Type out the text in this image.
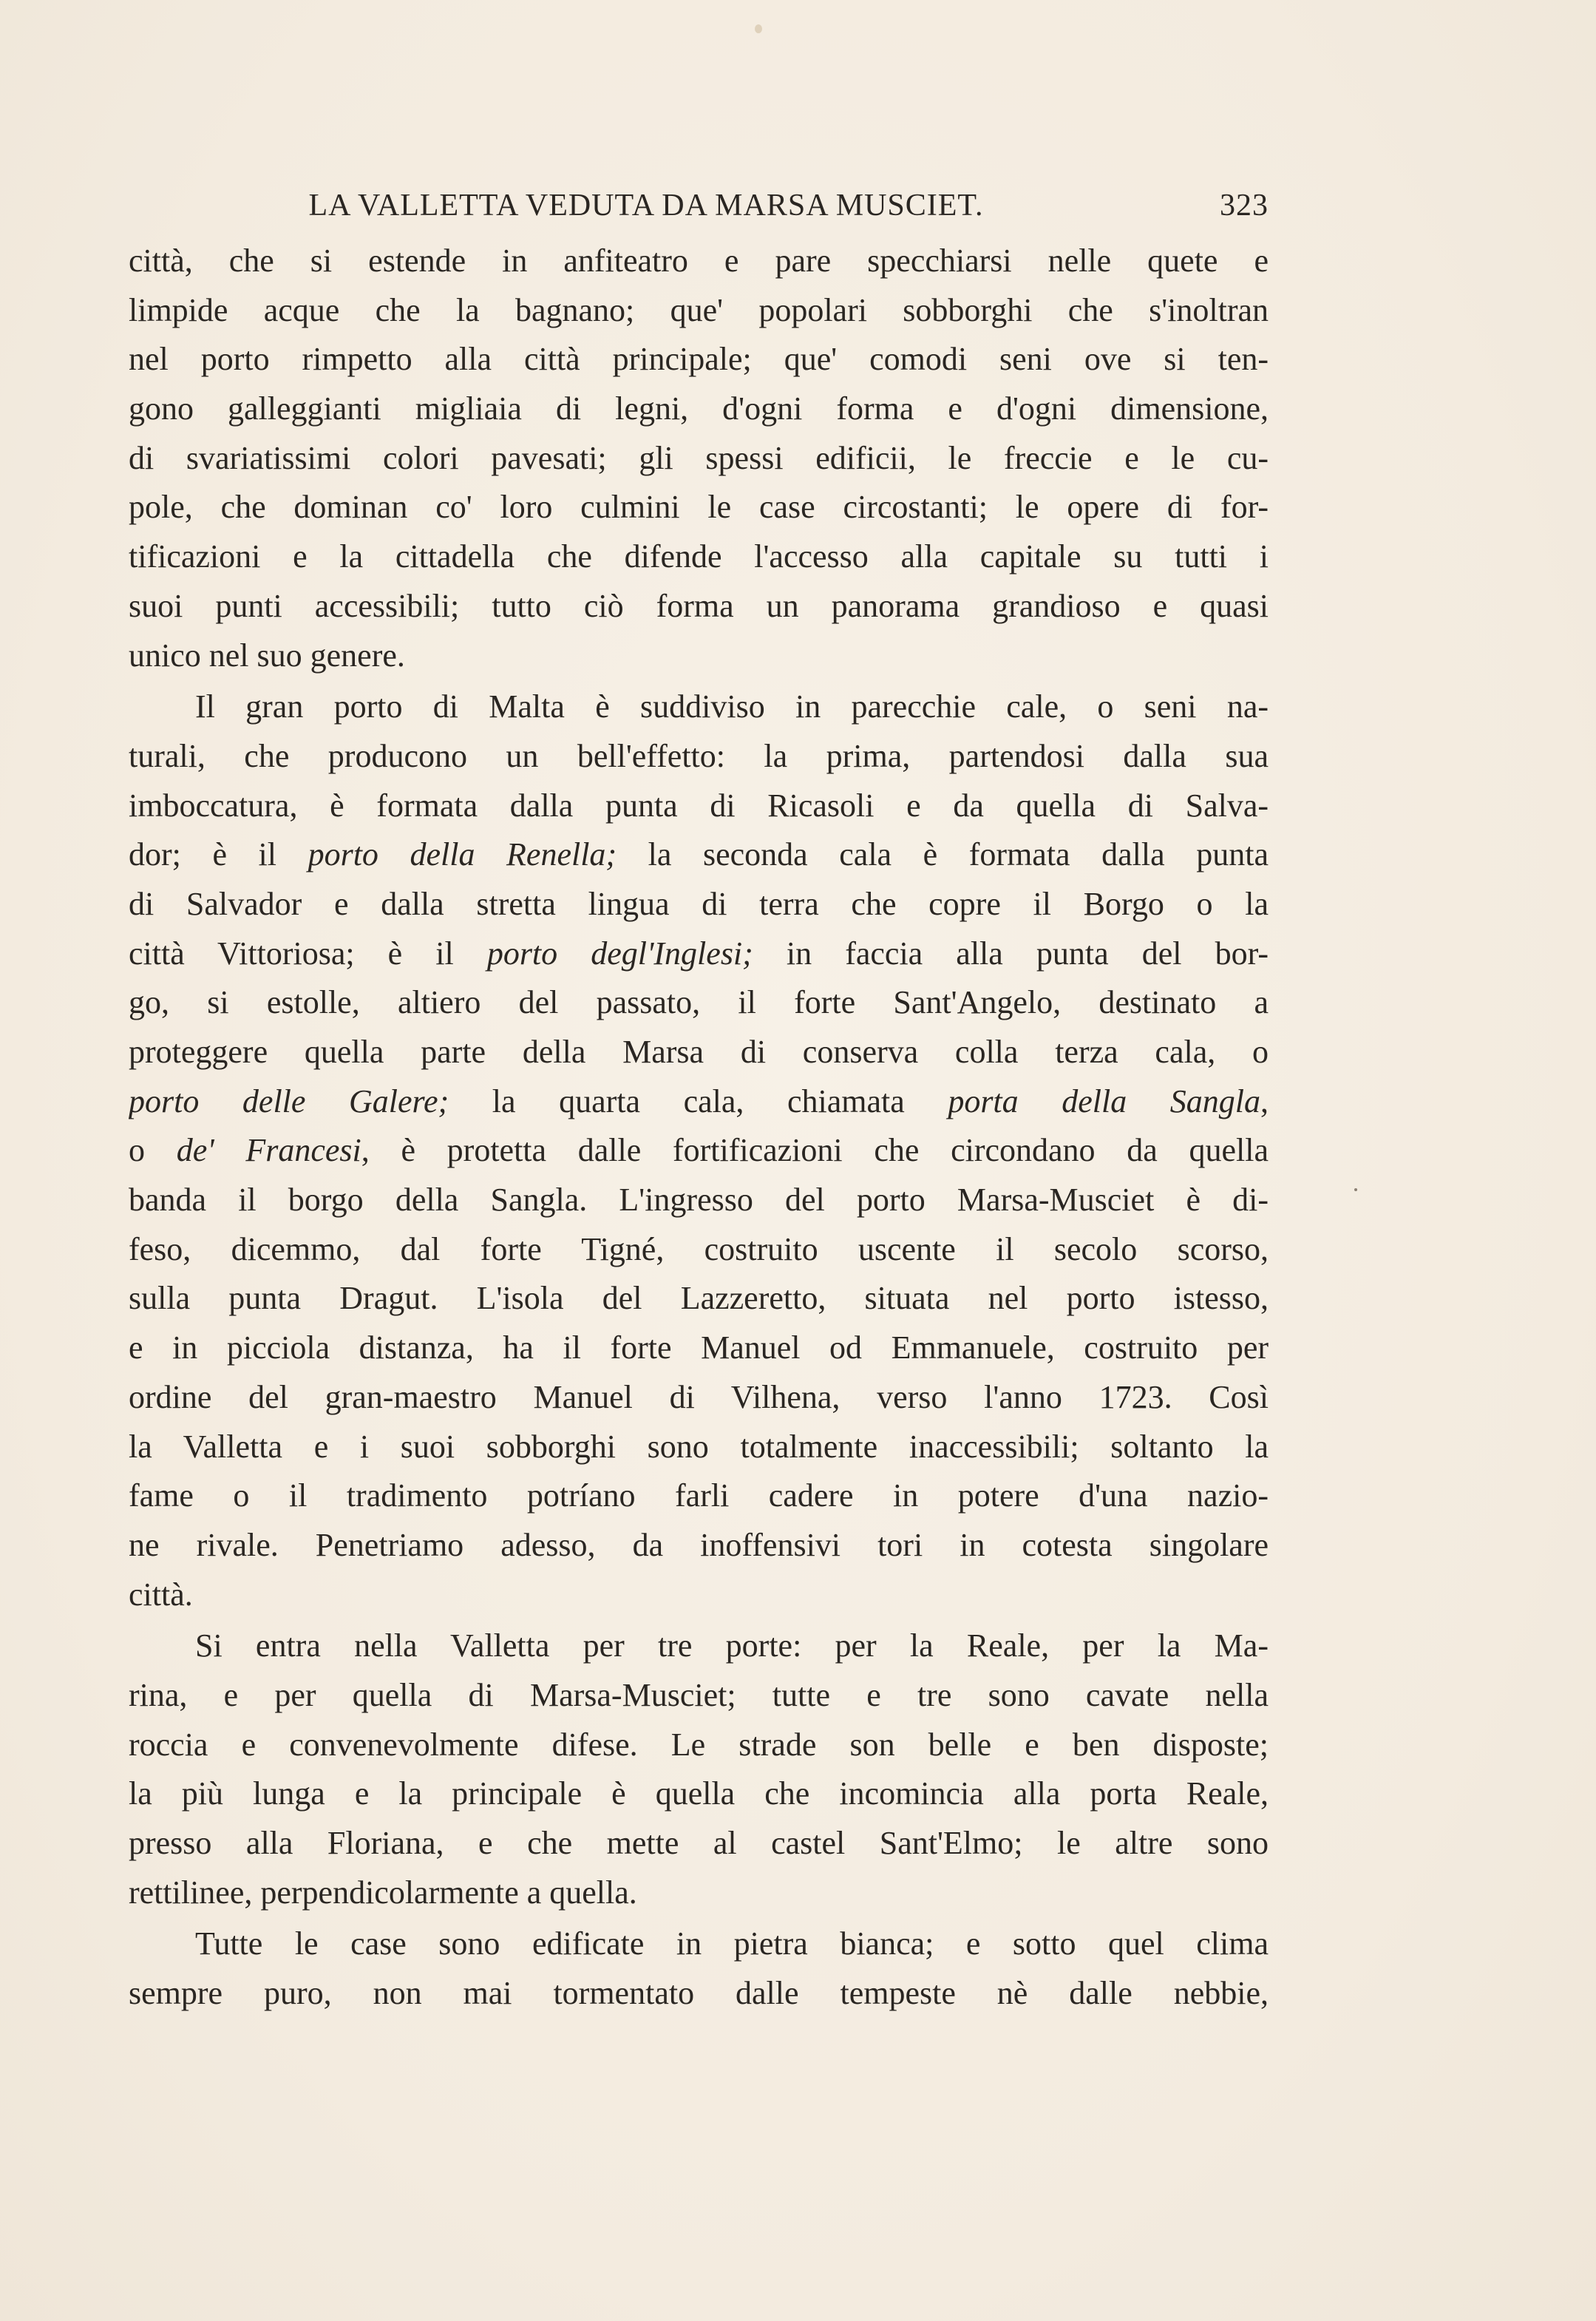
LA VALLETTA VEDUTA DA MARSA MUSCIET.	323
città, che si estende in anfiteatro e pare specchiarsi nelle quete e
limpide acque che la bagnano; que' popolari sobborghi che s'inoltran
nel porto rimpetto alla città principale; que' comodi seni ove si ten-
gono galleggianti migliaia di legni, d'ogni forma e d'ogni dimensione,
di svariatissimi colori pavesati; gli spessi edificii, le freccie e le cu-
pole, che dominan co' loro culmini le case circostanti; le opere di for-
tificazioni e la cittadella che difende l'accesso alla capitale su tutti i
suoi punti accessibili; tutto ciò forma un panorama grandioso e quasi
unico nel suo genere.
Il gran porto di Malta è suddiviso in parecchie cale, o seni na-
turali, che producono un bell'effetto: la prima, partendosi dalla sua
imboccatura, è formata dalla punta di Ricasoli e da quella di Salva-
dor; è il porto della Renella; la seconda cala è formata dalla punta
di Salvador e dalla stretta lingua di terra che copre il Borgo o la
città Vittoriosa; è il porto degl'Inglesi; in faccia alla punta del bor-
go, si estolle, altiero del passato, il forte Sant'Angelo, destinato a
proteggere quella parte della Marsa di conserva colla terza cala, o
porto delle Galere; la quarta cala, chiamata porta della Sangla,
o de' Francesi, è protetta dalle fortificazioni che circondano da quella
banda il borgo della Sangla. L'ingresso del porto Marsa-Musciet è di-
feso, dicemmo, dal forte Tigné, costruito uscente il secolo scorso,
sulla punta Dragut. L'isola del Lazzeretto, situata nel porto istesso,
e in picciola distanza, ha il forte Manuel od Emmanuele, costruito per
ordine del gran-maestro Manuel di Vilhena, verso l'anno 1723. Così
la Valletta e i suoi sobborghi sono totalmente inaccessibili; soltanto la
fame o il tradimento potríano farli cadere in potere d'una nazio-
ne rivale. Penetriamo adesso, da inoffensivi tori in cotesta singolare
città.
Si entra nella Valletta per tre porte: per la Reale, per la Ma-
rina, e per quella di Marsa-Musciet; tutte e tre sono cavate nella
roccia e convenevolmente difese. Le strade son belle e ben disposte;
la più lunga e la principale è quella che incomincia alla porta Reale,
presso alla Floriana, e che mette al castel Sant'Elmo; le altre sono
rettilinee, perpendicolarmente a quella.
Tutte le case sono edificate in pietra bianca; e sotto quel clima
sempre puro, non mai tormentato dalle tempeste nè dalle nebbie,
